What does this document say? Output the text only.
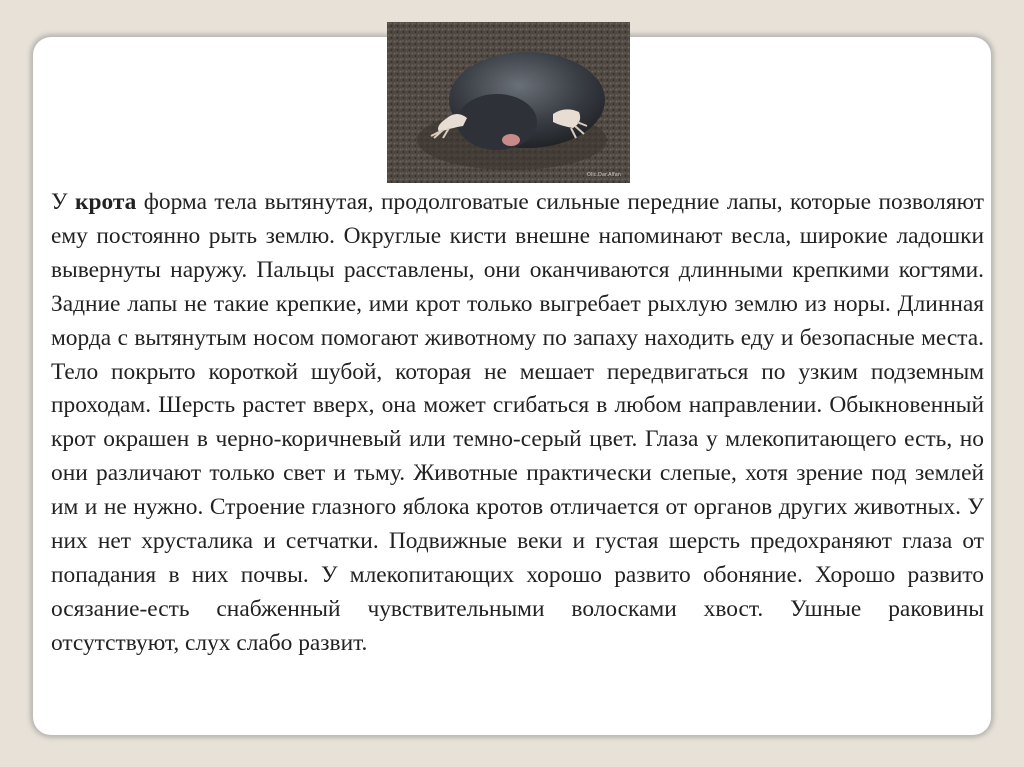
Olic.Dar.Alfan

У крота форма тела вытянутая, продолговатые сильные передние лапы, которые позволяют ему постоянно рыть землю. Округлые кисти внешне напоминают весла, широкие ладошки вывернуты наружу. Пальцы расставлены, они оканчиваются длинными крепкими когтями. Задние лапы не такие крепкие, ими крот только выгребает рыхлую землю из норы. Длинная морда с вытянутым носом помогают животному по запаху находить еду и безопасные места. Тело покрыто короткой шубой, которая не мешает передвигаться по узким подземным проходам. Шерсть растет вверх, она может сгибаться в любом направлении. Обыкновенный крот окрашен в черно-коричневый или темно-серый цвет. Глаза у млекопитающего есть, но они различают только свет и тьму. Животные практически слепые, хотя зрение под землей им и не нужно. Строение глазного яблока кротов отличается от органов других животных. У них нет хрусталика и сетчатки. Подвижные веки и густая шерсть предохраняют глаза от попадания в них почвы. У млекопитающих хорошо развито обоняние. Хорошо развито осязание-есть снабженный чувствительными волосками хвост. Ушные раковины отсутствуют, слух слабо развит.
